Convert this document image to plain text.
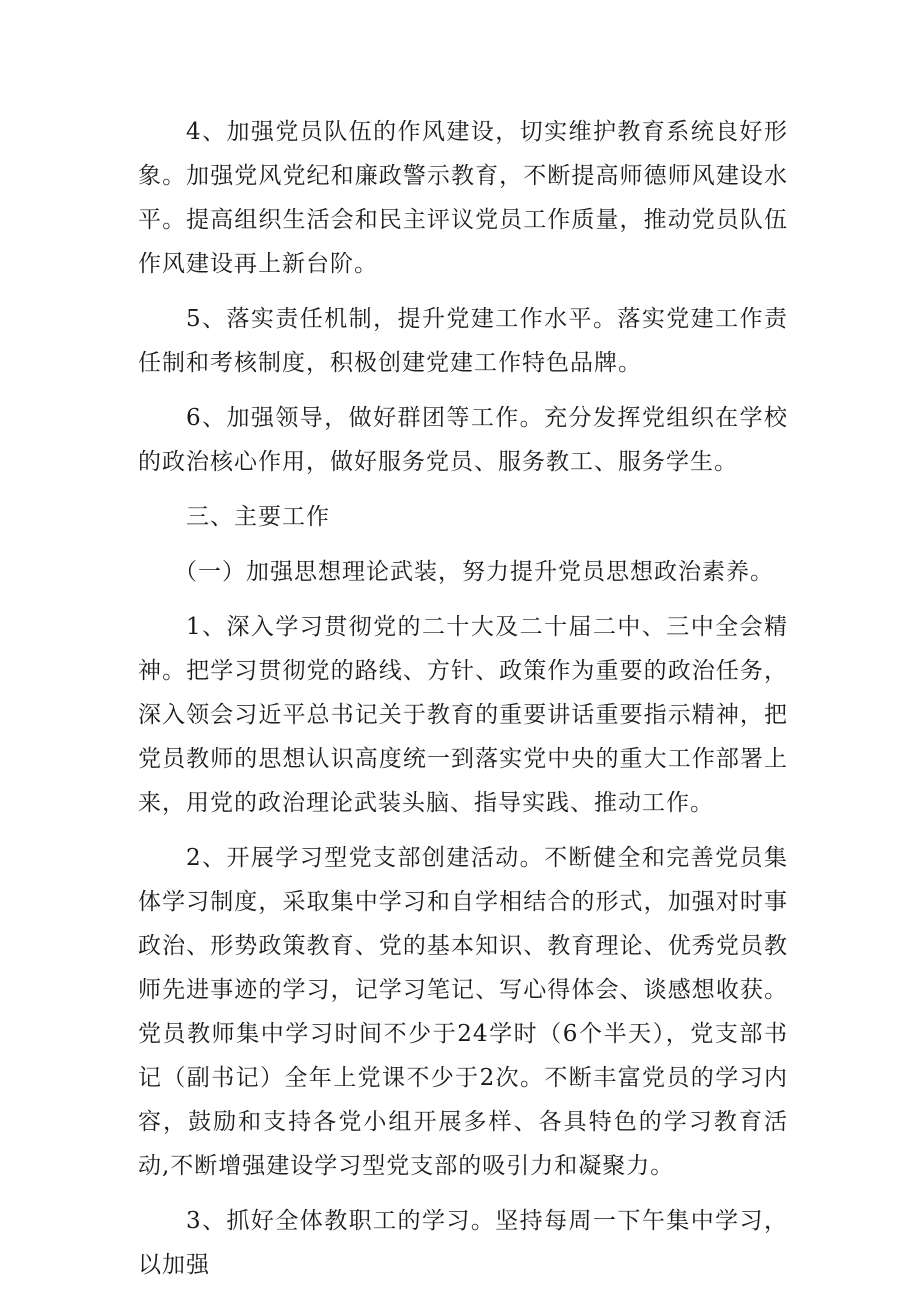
4、加强党员队伍的作风建设，切实维护教育系统良好形象。加强党风党纪和廉政警示教育，不断提高师德师风建设水平。提高组织生活会和民主评议党员工作质量，推动党员队伍作风建设再上新台阶。

5、落实责任机制，提升党建工作水平。落实党建工作责任制和考核制度，积极创建党建工作特色品牌。

6、加强领导，做好群团等工作。充分发挥党组织在学校的政治核心作用，做好服务党员、服务教工、服务学生。

三、主要工作

（一）加强思想理论武装，努力提升党员思想政治素养。

1、深入学习贯彻党的二十大及二十届二中、三中全会精神。把学习贯彻党的路线、方针、政策作为重要的政治任务，深入领会习近平总书记关于教育的重要讲话重要指示精神，把党员教师的思想认识高度统一到落实党中央的重大工作部署上来，用党的政治理论武装头脑、指导实践、推动工作。

2、开展学习型党支部创建活动。不断健全和完善党员集体学习制度，采取集中学习和自学相结合的形式，加强对时事政治、形势政策教育、党的基本知识、教育理论、优秀党员教师先进事迹的学习，记学习笔记、写心得体会、谈感想收获。党员教师集中学习时间不少于24学时（6个半天），党支部书记（副书记）全年上党课不少于2次。不断丰富党员的学习内容，鼓励和支持各党小组开展多样、各具特色的学习教育活动,不断增强建设学习型党支部的吸引力和凝聚力。

3、抓好全体教职工的学习。坚持每周一下午集中学习，以加强
